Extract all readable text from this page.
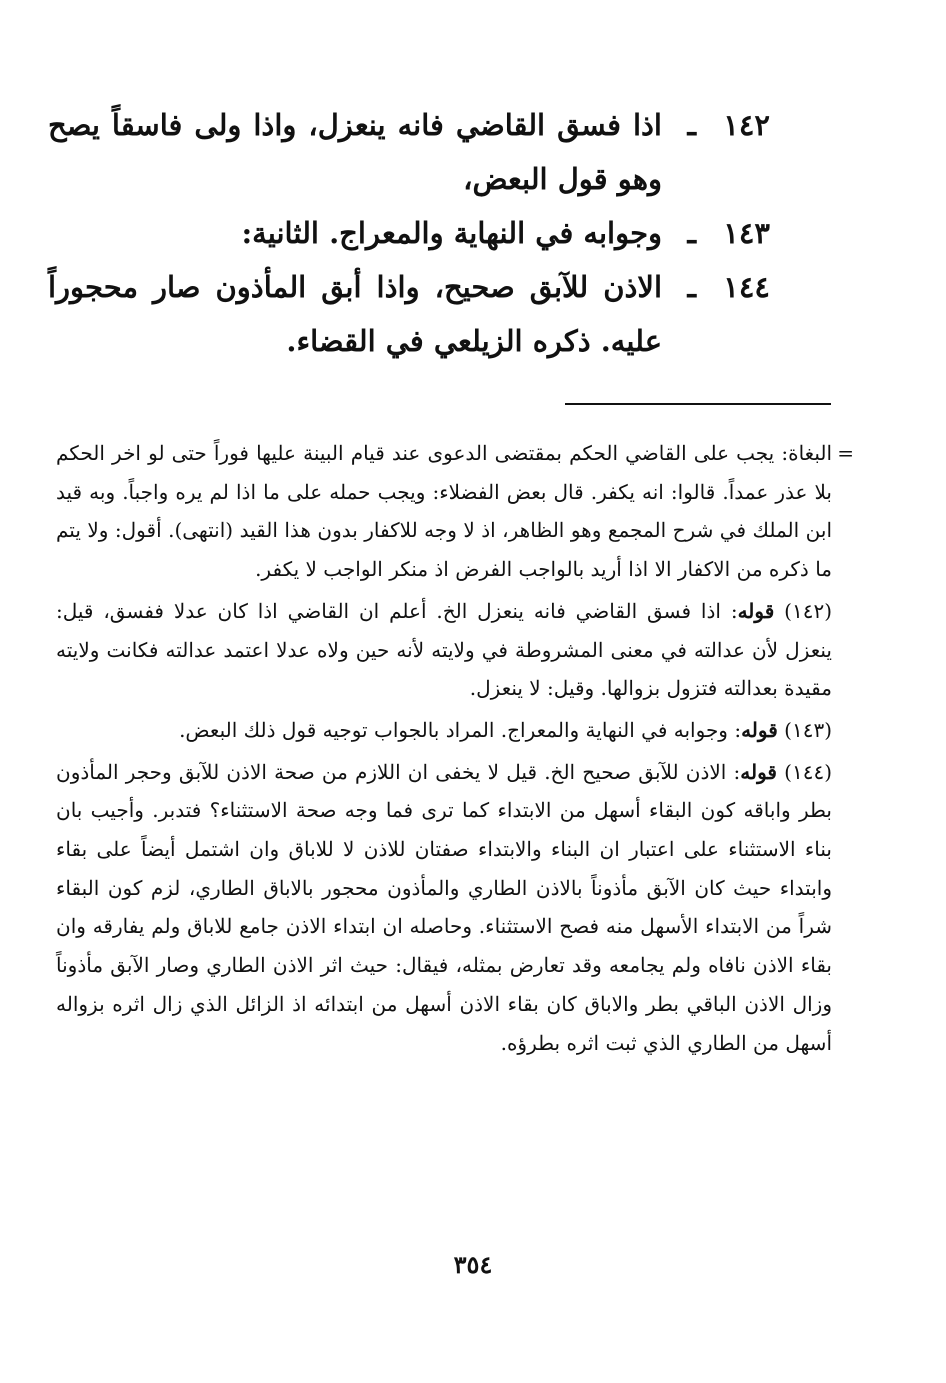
١٤٢
ـ
اذا فسق القاضي فانه ينعزل، واذا ولى فاسقاً يصح وهو قول البعض،

١٤٣
ـ
وجوابه في النهاية والمعراج. الثانية:

١٤٤
ـ
الاذن للآبق صحيح، واذا أبق المأذون صار محجوراً عليه. ذكره الزيلعي في القضاء.

=
البغاة: يجب على القاضي الحكم بمقتضى الدعوى عند قيام البينة عليها فوراً حتى لو اخر الحكم بلا عذر عمداً. قالوا: انه يكفر. قال بعض الفضلاء: ويجب حمله على ما اذا لم يره واجباً. وبه قيد ابن الملك في شرح المجمع وهو الظاهر، اذ لا وجه للاكفار بدون هذا القيد (انتهى). أقول: ولا يتم ما ذكره من الاكفار الا اذا أريد بالواجب الفرض اذ منكر الواجب لا يكفر.

(١٤٢) قوله: اذا فسق القاضي فانه ينعزل الخ. أعلم ان القاضي اذا كان عدلا ففسق، قيل: ينعزل لأن عدالته في معنى المشروطة في ولايته لأنه حين ولاه عدلا اعتمد عدالته فكانت ولايته مقيدة بعدالته فتزول بزوالها. وقيل: لا ينعزل.

(١٤٣) قوله: وجوابه في النهاية والمعراج. المراد بالجواب توجيه قول ذلك البعض.

(١٤٤) قوله: الاذن للآبق صحيح الخ. قيل لا يخفى ان اللازم من صحة الاذن للآبق وحجر المأذون بطر واباقه كون البقاء أسهل من الابتداء كما ترى فما وجه صحة الاستثناء؟ فتدبر. وأجيب بان بناء الاستثناء على اعتبار ان البناء والابتداء صفتان للاذن لا للاباق وان اشتمل أيضاً على بقاء وابتداء حيث كان الآبق مأذوناً بالاذن الطاري والمأذون محجور بالاباق الطاري، لزم كون البقاء شراً من الابتداء الأسهل منه فصح الاستثناء. وحاصله ان ابتداء الاذن جامع للاباق ولم يفارقه وان بقاء الاذن نافاه ولم يجامعه وقد تعارض بمثله، فيقال: حيث اثر الاذن الطاري وصار الآبق مأذوناً وزال الاذن الباقي بطر والاباق كان بقاء الاذن أسهل من ابتدائه اذ الزائل الذي زال اثره بزواله أسهل من الطاري الذي ثبت اثره بطرؤه.

٣٥٤
